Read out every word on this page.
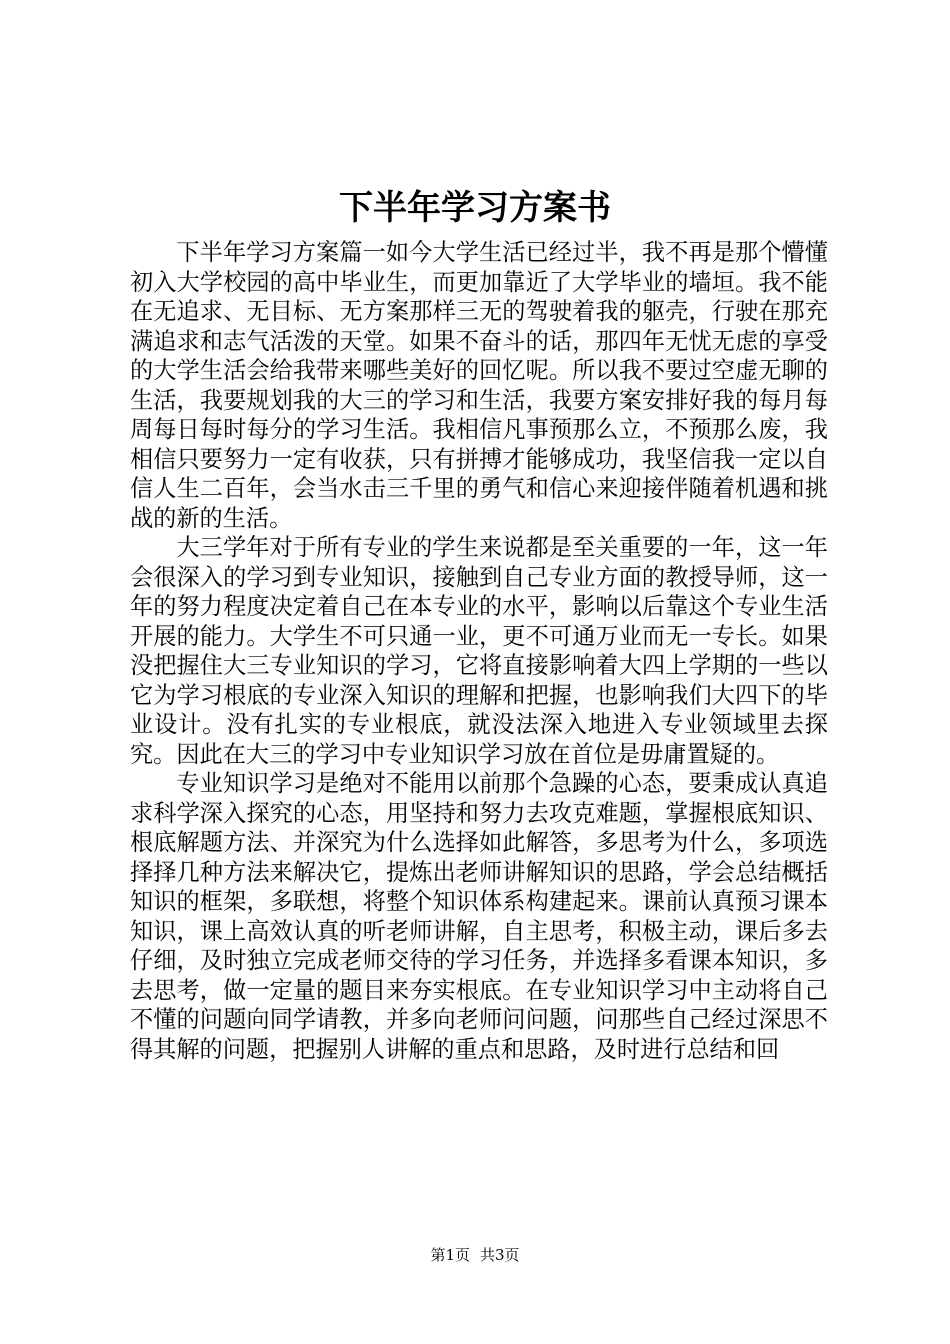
下半年学习方案书

下半年学习方案篇一如今大学生活已经过半，我不再是那个懵懂初入大学校园的高中毕业生，而更加靠近了大学毕业的墙垣。我不能在无追求、无目标、无方案那样三无的驾驶着我的躯壳，行驶在那充满追求和志气活泼的天堂。如果不奋斗的话，那四年无忧无虑的享受的大学生活会给我带来哪些美好的回忆呢。所以我不要过空虚无聊的生活，我要规划我的大三的学习和生活，我要方案安排好我的每月每周每日每时每分的学习生活。我相信凡事预那么立，不预那么废，我相信只要努力一定有收获，只有拼搏才能够成功，我坚信我一定以自信人生二百年，会当水击三千里的勇气和信心来迎接伴随着机遇和挑战的新的生活。

大三学年对于所有专业的学生来说都是至关重要的一年，这一年会很深入的学习到专业知识，接触到自己专业方面的教授导师，这一年的努力程度决定着自己在本专业的水平，影响以后靠这个专业生活开展的能力。大学生不可只通一业，更不可通万业而无一专长。如果没把握住大三专业知识的学习，它将直接影响着大四上学期的一些以它为学习根底的专业深入知识的理解和把握，也影响我们大四下的毕业设计。没有扎实的专业根底，就没法深入地进入专业领域里去探究。因此在大三的学习中专业知识学习放在首位是毋庸置疑的。

专业知识学习是绝对不能用以前那个急躁的心态，要秉成认真追求科学深入探究的心态，用坚持和努力去攻克难题，掌握根底知识、根底解题方法、并深究为什么选择如此解答，多思考为什么，多项选择择几种方法来解决它，提炼出老师讲解知识的思路，学会总结概括知识的框架，多联想，将整个知识体系构建起来。课前认真预习课本知识，课上高效认真的听老师讲解，自主思考，积极主动，课后多去仔细，及时独立完成老师交待的学习任务，并选择多看课本知识，多去思考，做一定量的题目来夯实根底。在专业知识学习中主动将自己不懂的问题向同学请教，并多向老师问问题，问那些自己经过深思不得其解的问题，把握别人讲解的重点和思路，及时进行总结和回

第1页 共3页
